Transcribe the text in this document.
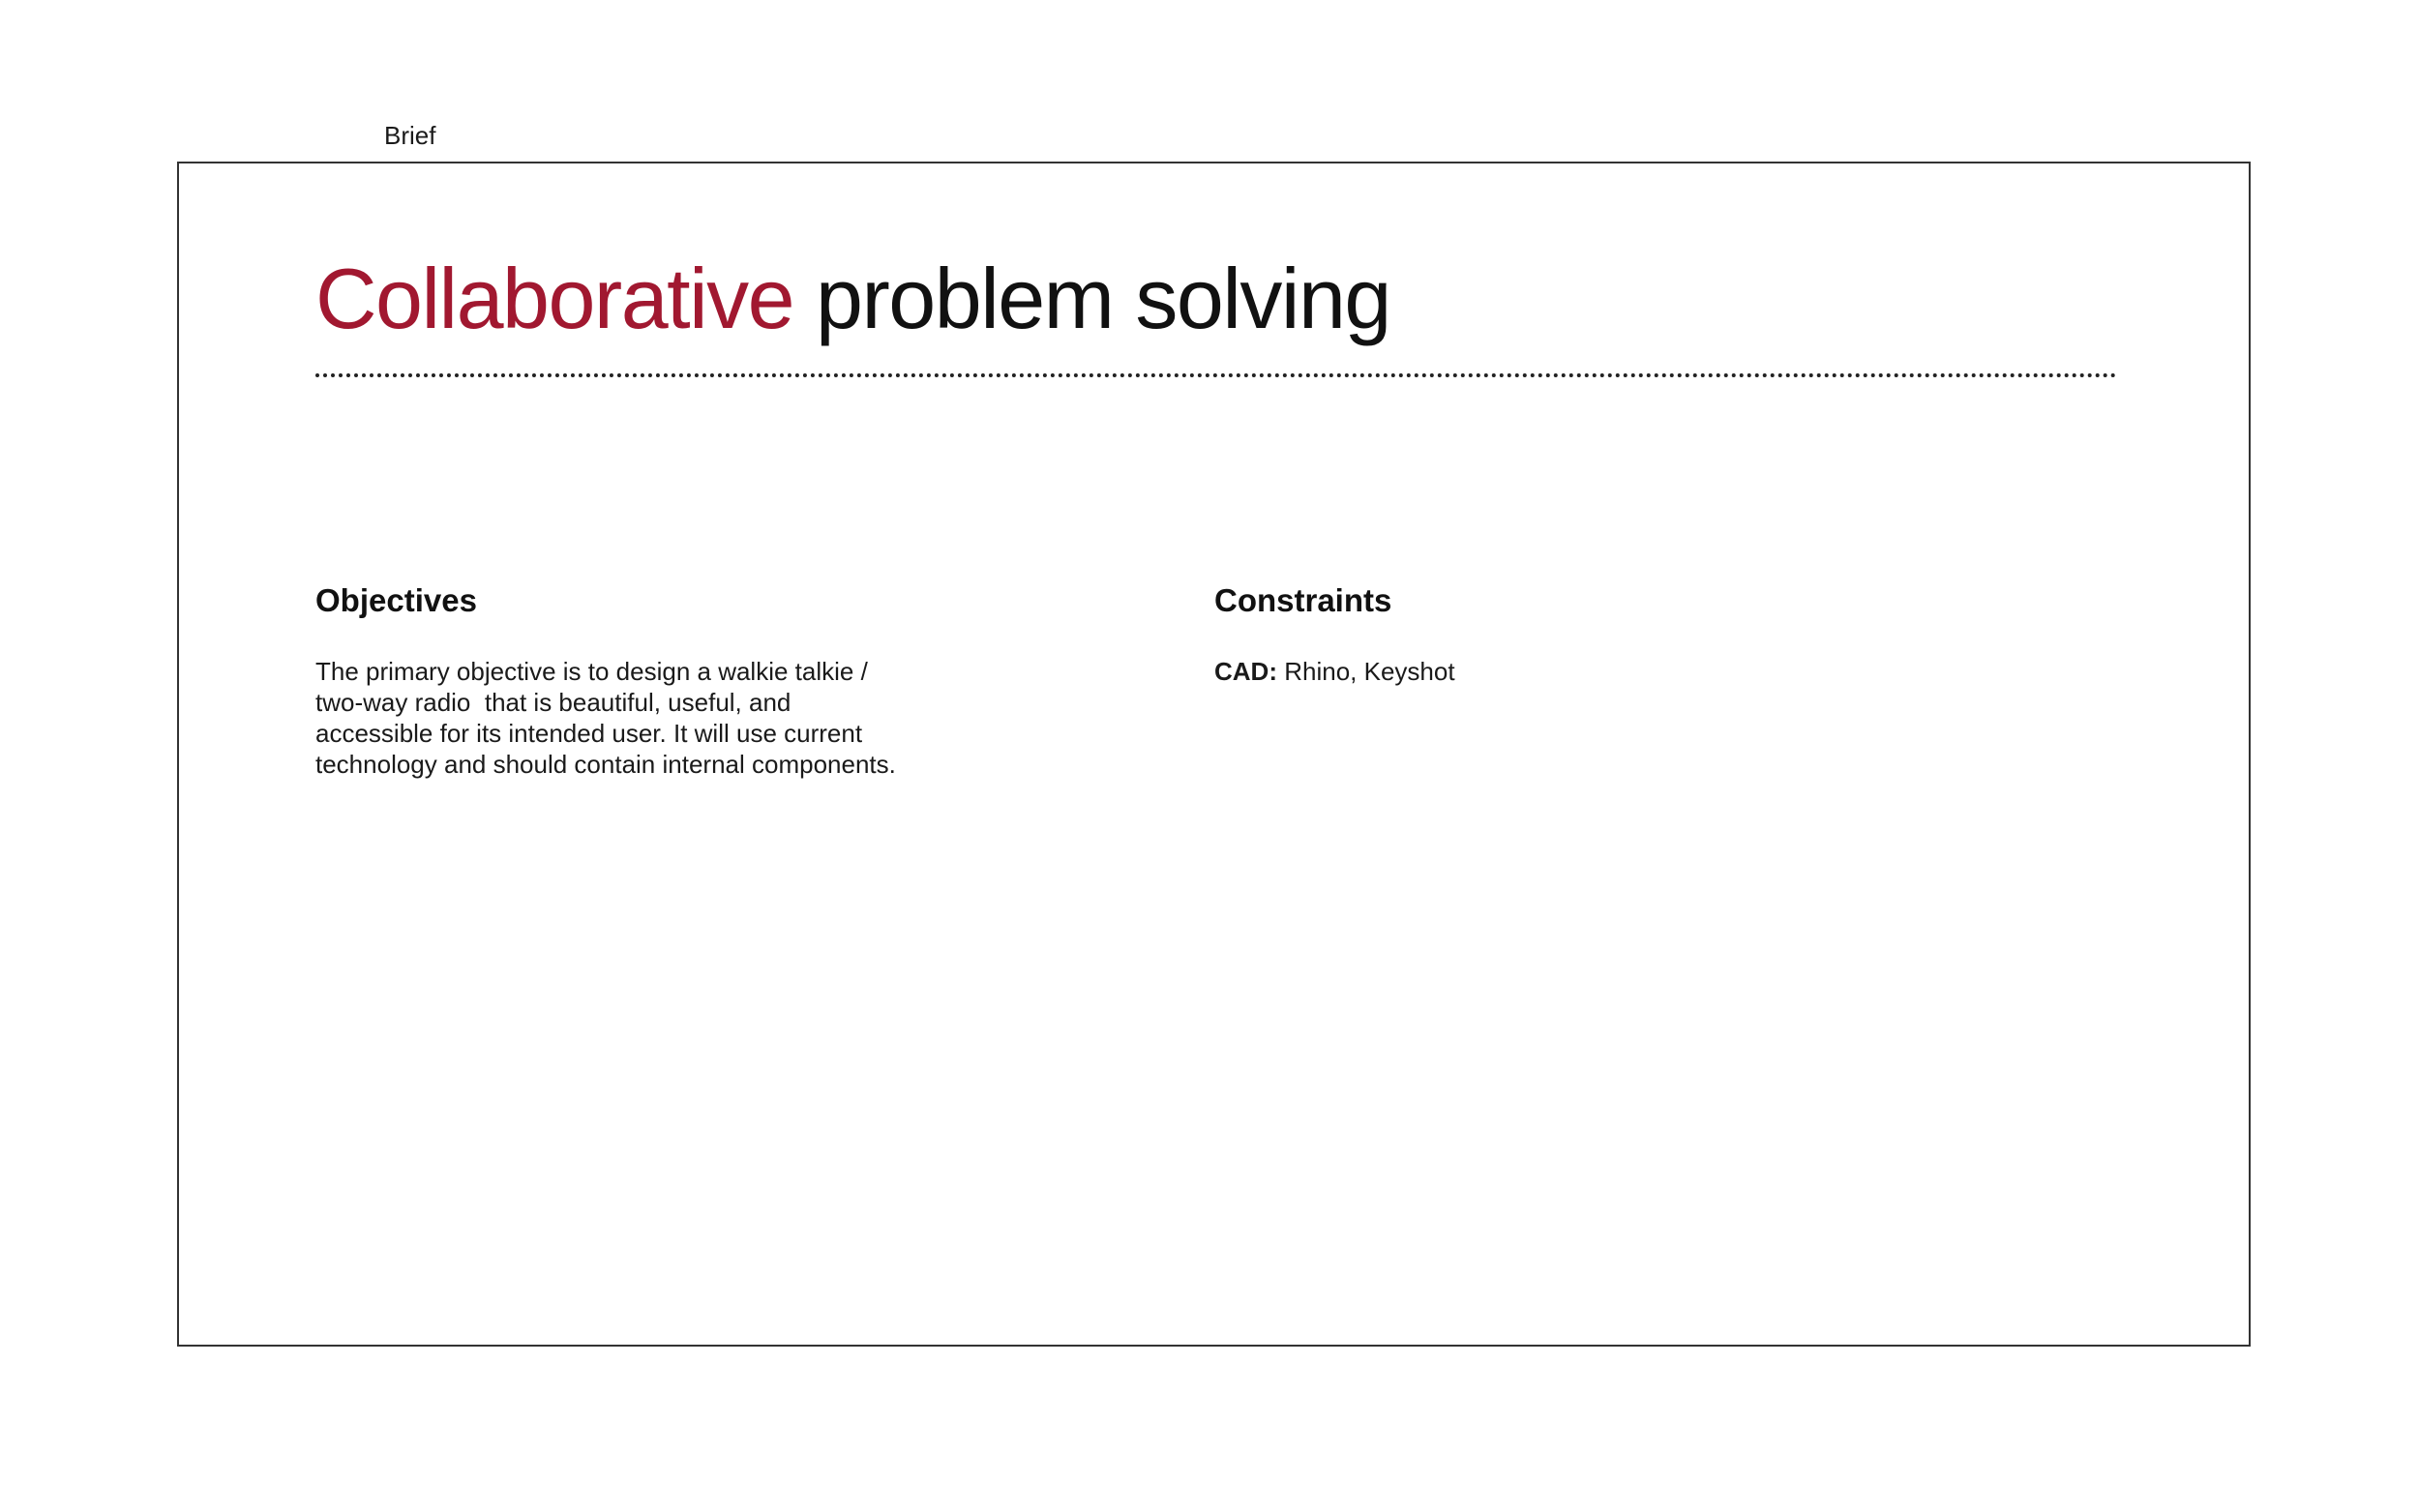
Brief
Collaborative problem solving
Objectives

The primary objective is to design a walkie talkie /
two-way radio  that is beautiful, useful, and
accessible for its intended user. It will use current
technology and should contain internal components.

Constraints

CAD: Rhino, Keyshot
